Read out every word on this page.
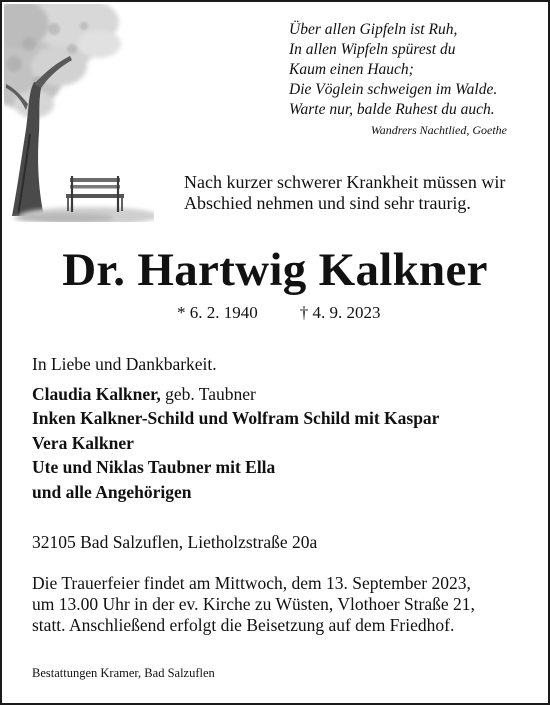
Über allen Gipfeln ist Ruh,
In allen Wipfeln spürest du
Kaum einen Hauch;
Die Vöglein schweigen im Walde.
Warte nur, balde Ruhest du auch.
Wandrers Nachtlied, Goethe
Nach kurzer schwerer Krankheit müssen wir
Abschied nehmen und sind sehr traurig.
Dr. Hartwig Kalkner
* 6. 2. 1940 † 4. 9. 2023
In Liebe und Dankbarkeit.
Claudia Kalkner, geb. Taubner
Inken Kalkner-Schild und Wolfram Schild mit Kaspar
Vera Kalkner
Ute und Niklas Taubner mit Ella
und alle Angehörigen
32105 Bad Salzuflen, Lietholzstraße 20a
Die Trauerfeier findet am Mittwoch, dem 13. September 2023,
um 13.00 Uhr in der ev. Kirche zu Wüsten, Vlothoer Straße 21,
statt. Anschließend erfolgt die Beisetzung auf dem Friedhof.
Bestattungen Kramer, Bad Salzuflen
